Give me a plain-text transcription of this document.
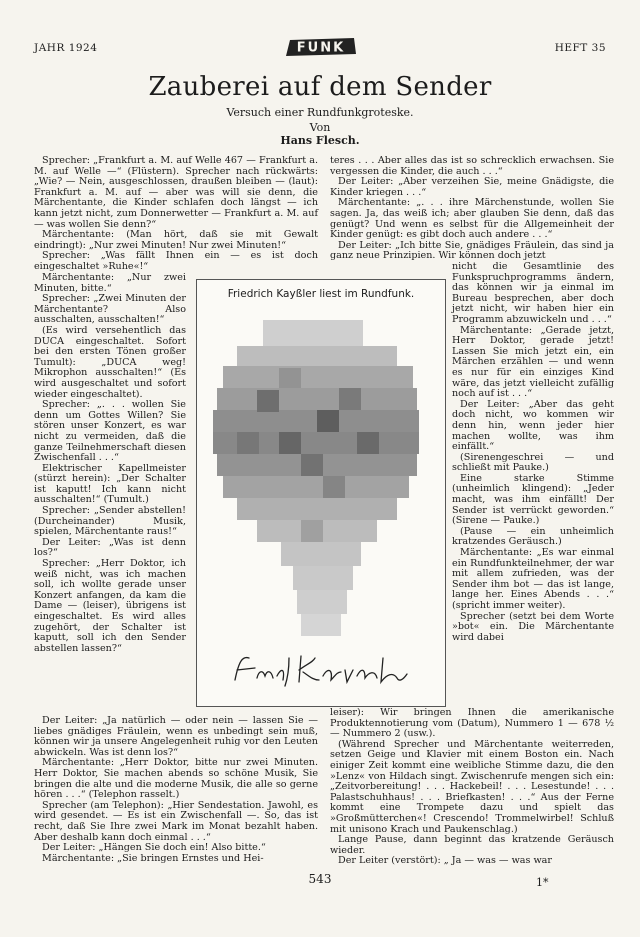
JAHR 1924	FUNK	HEFT 35
Zauberei auf dem Sender
Versuch einer Rundfunkgroteske.
Von
Hans Flesch.

Sprecher: „Frankfurt a. M. auf Welle 467 — Frankfurt a. M. auf Welle —“ (Flüstern). Sprecher nach rückwärts: „Wie? — Nein, ausgeschlossen, draußen bleiben — (laut): Frankfurt a. M. auf — aber was will sie denn, die Märchentante, die Kinder schlafen doch längst — ich kann jetzt nicht, zum Donnerwetter — Frankfurt a. M. auf — was wollen Sie denn?“

Märchentante: (Man hört, daß sie mit Gewalt eindringt): „Nur zwei Minuten! Nur zwei Minuten!“

Sprecher: „Was fällt Ihnen ein — es ist doch eingeschaltet »Ruhe«!“

Märchentante: „Nur zwei Minuten, bitte.“

Sprecher: „Zwei Minuten der Märchentante? Also ausschalten, ausschalten!“

(Es wird versehentlich das DUCA eingeschaltet. Sofort bei den ersten Tönen großer Tumult): „DUCA weg! Mikrophon ausschalten!“ (Es wird ausgeschaltet und sofort wieder eingeschaltet).

Sprecher: „. . . wollen Sie denn um Gottes Willen? Sie stören unser Konzert, es war nicht zu vermeiden, daß die ganze Teilnehmerschaft diesen Zwischenfall . . .“

Elektrischer Kapellmeister (stürzt herein): „Der Schalter ist kaputt! Ich kann nicht ausschalten!“ (Tumult.)

Sprecher: „Sender abstellen! (Durcheinander) Musik, spielen, Märchentante raus!“

Der Leiter: „Was ist denn los?“

Sprecher: „Herr Doktor, ich weiß nicht, was ich machen soll, ich wollte gerade unser Konzert anfangen, da kam die Dame — (leiser), übrigens ist eingeschaltet. Es wird alles zugehört, der Schalter ist kaputt, soll ich den Sender abstellen lassen?“

Der Leiter: „Ja natürlich — oder nein — lassen Sie — liebes gnädiges Fräulein, wenn es unbedingt sein muß, können wir ja unsere Angelegenheit ruhig vor den Leuten abwickeln. Was ist denn los?“

Märchentante: „Herr Doktor, bitte nur zwei Minuten. Herr Doktor, Sie machen abends so schöne Musik, Sie bringen die alte und die moderne Musik, die alle so gerne hören . . .“ (Telephon rasselt.)

Sprecher (am Telephon): „Hier Sendestation. Jawohl, es wird gesendet. — Es ist ein Zwischenfall —. So, das ist recht, daß Sie Ihre zwei Mark im Monat bezahlt haben. Aber deshalb kann doch einmal . . .“

Der Leiter: „Hängen Sie doch ein! Also bitte.“

Märchentante: „Sie bringen Ernstes und Hei-

teres . . . Aber alles das ist so schrecklich erwachsen. Sie vergessen die Kinder, die auch . . .“

Der Leiter: „Aber verzeihen Sie, meine Gnädigste, die Kinder kriegen . . .“

Märchentante: „. . . ihre Märchenstunde, wollen Sie sagen. Ja, das weiß ich; aber glauben Sie denn, daß das genügt? Und wenn es selbst für die Allgemeinheit der Kinder genügt: es gibt doch auch andere . . .“

Der Leiter: „Ich bitte Sie, gnädiges Fräulein, das sind ja ganz neue Prinzipien. Wir können doch jetzt

nicht die Gesamtlinie des Funkspruchprogramms ändern, das können wir ja einmal im Bureau besprechen, aber doch jetzt nicht, wir haben hier ein Programm abzuwickeln und . . .“

Märchentante: „Gerade jetzt, Herr Doktor, gerade jetzt! Lassen Sie mich jetzt ein, ein Märchen erzählen — und wenn es nur für ein einziges Kind wäre, das jetzt vielleicht zufällig noch auf ist . . .“

Der Leiter: „Aber das geht doch nicht, wo kommen wir denn hin, wenn jeder hier machen wollte, was ihm einfällt.“

(Sirenengeschrei — und schließt mit Pauke.)

Eine starke Stimme (unheimlich klingend): „Jeder macht, was ihm einfällt! Der Sender ist verrückt geworden.“ (Sirene — Pauke.)

(Pause — ein unheimlich kratzendes Geräusch.)

Märchentante: „Es war einmal ein Rundfunkteilnehmer, der war mit allem zufrieden, was der Sender ihm bot — das ist lange, lange her. Eines Abends . . .“ (spricht immer weiter).

Sprecher (setzt bei dem Worte »bot« ein. Die Märchentante wird dabei

leiser): Wir bringen Ihnen die amerikanische Produktennotierung vom (Datum), Nummero 1 — 678 ½ — Nummero 2 (usw.).

(Während Sprecher und Märchentante weiterreden, setzen Geige und Klavier mit einem Boston ein. Nach einiger Zeit kommt eine weibliche Stimme dazu, die den »Lenz« von Hildach singt. Zwischenrufe mengen sich ein: „Zeitvorbereitung! . . . Hackebeil! . . . Lesestunde! . . . Palastschuhhaus! . . . Briefkasten! . . .“ Aus der Ferne kommt eine Trompete dazu und spielt das »Großmütterchen«! Crescendo! Trommelwirbel! Schluß mit unisono Krach und Paukenschlag.)

Lange Pause, dann beginnt das kratzende Geräusch wieder.

Der Leiter (verstört): „ Ja — was — was war

Friedrich Kayßler liest im Rundfunk.
543	1*
